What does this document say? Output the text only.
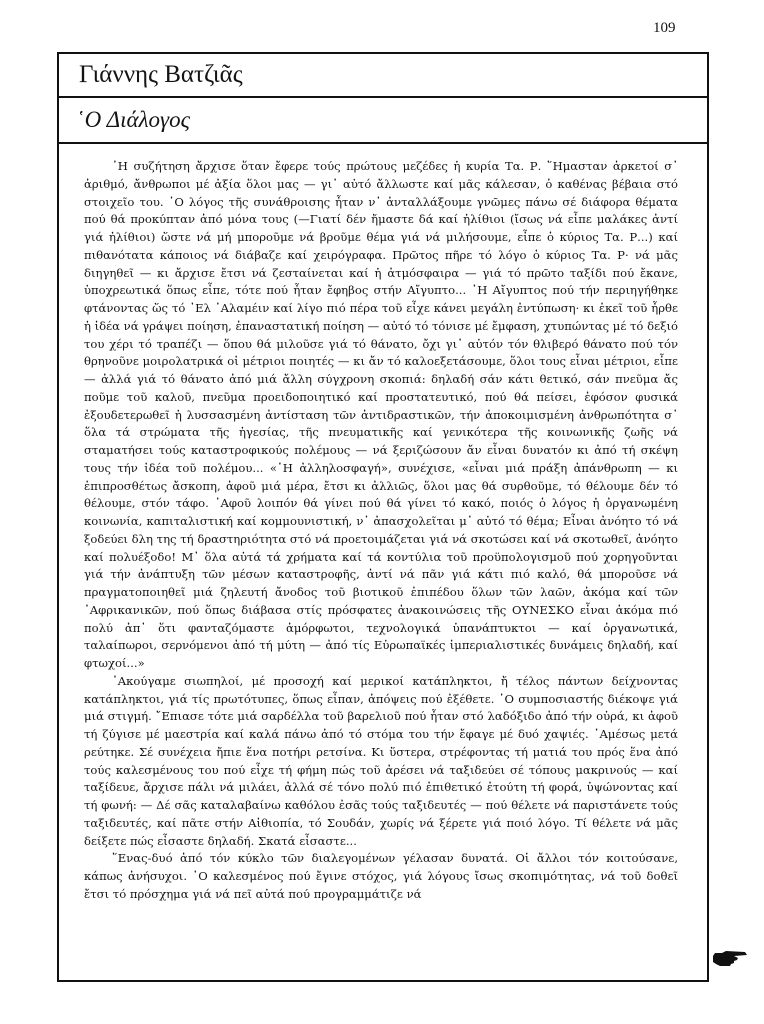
109
Γιάννης Βατζιᾶς
῾Ο Διάλογος

῾Η συζήτηση ἄρχισε ὅταν ἔφερε τούς πρώτους μεζέδες ἡ κυρία Τα. Ρ. ῞Ημασταν ἀρκετοί σ᾽ ἀριθμό, ἄνθρωποι μέ ἀξία ὅλοι μας — γι᾽ αὐτό ἄλλωστε καί μᾶς κάλεσαν, ὁ καθένας βέβαια στό στοιχεῖο του. ῾Ο λόγος τῆς συνάθροισης ἦταν ν᾽ ἀνταλλάξουμε γνῶμες πάνω σέ διάφορα θέματα πού θά προκύπταν ἀπό μόνα τους (—Γιατί δέν ἤμαστε δά καί ἠλίθιοι (ἴσως νά εἶπε μαλάκες ἀντί γιά ἠλίθιοι) ὥστε νά μή μποροῦμε νά βροῦμε θέμα γιά νά μιλήσουμε, εἶπε ὁ κύριος Τα. Ρ...) καί πιθανότατα κάποιος νά διάβαζε καί χειρόγραφα. Πρῶτος πῆρε τό λόγο ὁ κύριος Τα. Ρ· νά μᾶς διηγηθεῖ — κι ἄρχισε ἔτσι νά ζεσταίνεται καί ἡ ἀτμόσφαιρα — γιά τό πρῶτο ταξίδι πού ἔκανε, ὑποχρεωτικά ὅπως εἶπε, τότε πού ἦταν ἔφηβος στήν Αἴγυπτο... ῾Η Αἴγυπτος πού τήν περιηγήθηκε φτάνοντας ὥς τό ᾽Ελ ᾽Αλαμέιν καί λίγο πιό πέρα τοῦ εἶχε κάνει μεγάλη ἐντύπωση· κι ἐκεῖ τοῦ ἦρθε ἡ ἰδέα νά γράψει ποίηση, ἐπαναστατική ποίηση — αὐτό τό τόνισε μέ ἔμφαση, χτυπώντας μέ τό δεξιό του χέρι τό τραπέζι — ὅπου θά μιλοῦσε γιά τό θάνατο, ὄχι γι᾽ αὐτόν τόν θλιβερό θάνατο πού τόν θρηνοῦνε μοιρολατρικά οἱ μέτριοι ποιητές — κι ἄν τό καλοεξετάσουμε, ὅλοι τους εἶναι μέτριοι, εἶπε — ἀλλά γιά τό θάνατο ἀπό μιά ἄλλη σύγχρονη σκοπιά: δηλαδή σάν κάτι θετικό, σάν πνεῦμα ἄς ποῦμε τοῦ καλοῦ, πνεῦμα προειδοποιητικό καί προστατευτικό, πού θά πείσει, ἐφόσον φυσικά ἐξουδετερωθεῖ ἡ λυσσασμένη ἀντίσταση τῶν ἀντιδραστικῶν, τήν ἀποκοιμισμένη ἀνθρωπότητα σ᾽ ὅλα τά στρώματα τῆς ἡγεσίας, τῆς πνευματικῆς καί γενικότερα τῆς κοινωνικῆς ζωῆς νά σταματήσει τούς καταστροφικούς πολέμους — νά ξεριζώσουν ἄν εἶναι δυνατόν κι ἀπό τή σκέψη τους τήν ἰδέα τοῦ πολέμου... «῾Η ἀλληλοσφαγή», συνέχισε, «εἶναι μιά πράξη ἀπάνθρωπη — κι ἐπιπροσθέτως ἄσκοπη, ἀφοῦ μιά μέρα, ἔτσι κι ἀλλιῶς, ὅλοι μας θά συρθοῦμε, τό θέλουμε δέν τό θέλουμε, στόν τάφο. ᾽Αφοῦ λοιπόν θά γίνει πού θά γίνει τό κακό, ποιός ὁ λόγος ἡ ὀργανωμένη κοινωνία, καπιταλιστική καί κομμουνιστική, ν᾽ ἀπασχολεῖται μ᾽ αὐτό τό θέμα; Εἶναι ἀνόητο τό νά ξοδεύει δλη της τή δραστηριότητα στό νά προετοιμάζεται γιά νά σκοτώσει καί νά σκοτωθεῖ, ἀνόητο καί πολυέξοδο! Μ᾽ ὅλα αὐτά τά χρήματα καί τά κοντύλια τοῦ προϋπολογισμοῦ πού χορηγοῦνται γιά τήν ἀνάπτυξη τῶν μέσων καταστροφῆς, ἀντί νά πᾶν γιά κάτι πιό καλό, θά μποροῦσε νά πραγματοποιηθεῖ μιά ζηλευτή ἄνοδος τοῦ βιοτικοῦ ἐπιπέδου ὅλων τῶν λαῶν, ἀκόμα καί τῶν ᾽Αφρικανικῶν, πού ὅπως διάβασα στίς πρόσφατες ἀνακοινώσεις τῆς ΟΥΝΕΣΚΟ εἶναι ἀκόμα πιό πολύ ἀπ᾽ ὅτι φανταζόμαστε ἀμόρφωτοι, τεχνολογικά ὑπανάπτυκτοι — καί ὀργανωτικά, ταλαίπωροι, σερνόμενοι ἀπό τή μύτη — ἀπό τίς Εὐρωπαϊκές ἰμπεριαλιστικές δυνάμεις δηλαδή, καί φτωχοί...»

᾽Ακούγαμε σιωπηλοί, μέ προσοχή καί μερικοί κατάπληκτοι, ἤ τέλος πάντων δείχνοντας κατάπληκτοι, γιά τίς πρωτότυπες, ὅπως εἶπαν, ἀπόψεις πού ἐξέθετε. ῾Ο συμποσιαστής διέκοψε γιά μιά στιγμή. ῎Επιασε τότε μιά σαρδέλλα τοῦ βαρελιοῦ πού ἦταν στό λαδόξιδο ἀπό τήν οὐρά, κι ἀφοῦ τή ζύγισε μέ μαεστρία καί καλά πάνω ἀπό τό στόμα του τήν ἔφαγε μέ δυό χαψιές. ᾽Αμέσως μετά ρεύτηκε. Σέ συνέχεια ἤπιε ἕνα ποτήρι ρετσίνα. Κι ὕστερα, στρέφοντας τή ματιά του πρός ἕνα ἀπό τούς καλεσμένους του πού εἶχε τή φήμη πώς τοῦ ἀρέσει νά ταξιδεύει σέ τόπους μακρινούς — καί ταξίδευε, ἄρχισε πάλι νά μιλάει, ἀλλά σέ τόνο πολύ πιό ἐπιθετικό ἐτούτη τή φορά, ὑψώνοντας καί τή φωνή: — Δέ σᾶς καταλαβαίνω καθόλου ἐσᾶς τούς ταξιδευτές — πού θέλετε νά παριστάνετε τούς ταξιδευτές, καί πᾶτε στήν Αἰθιοπία, τό Σουδάν, χωρίς νά ξέρετε γιά ποιό λόγο. Τί θέλετε νά μᾶς δείξετε πώς εἶσαστε δηλαδή. Σκατά εἶσαστε...

῞Ενας-δυό ἀπό τόν κύκλο τῶν διαλεγομένων γέλασαν δυνατά. Οἱ ἄλλοι τόν κοιτούσανε, κάπως ἀνήσυχοι. ῾Ο καλεσμένος πού ἔγινε στόχος, γιά λόγους ἴσως σκοπιμότητας, νά τοῦ δοθεῖ ἔτσι τό πρόσχημα γιά νά πεῖ αὐτά πού προγραμμάτιζε νά
